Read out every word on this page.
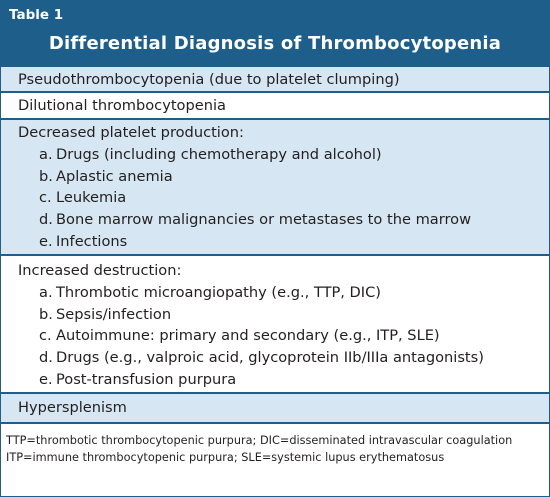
Table 1
Differential Diagnosis of Thrombocytopenia
Pseudothrombocytopenia (due to platelet clumping)
Dilutional thrombocytopenia
Decreased platelet production:
a. Drugs (including chemotherapy and alcohol)
b. Aplastic anemia
c. Leukemia
d. Bone marrow malignancies or metastases to the marrow
e. Infections
Increased destruction:
a. Thrombotic microangiopathy (e.g., TTP, DIC)
b. Sepsis/infection
c. Autoimmune: primary and secondary (e.g., ITP, SLE)
d. Drugs (e.g., valproic acid, glycoprotein IIb/IIIa antagonists)
e. Post-transfusion purpura
Hypersplenism
TTP=thrombotic thrombocytopenic purpura; DIC=disseminated intravascular coagulation
ITP=immune thrombocytopenic purpura; SLE=systemic lupus erythematosus
